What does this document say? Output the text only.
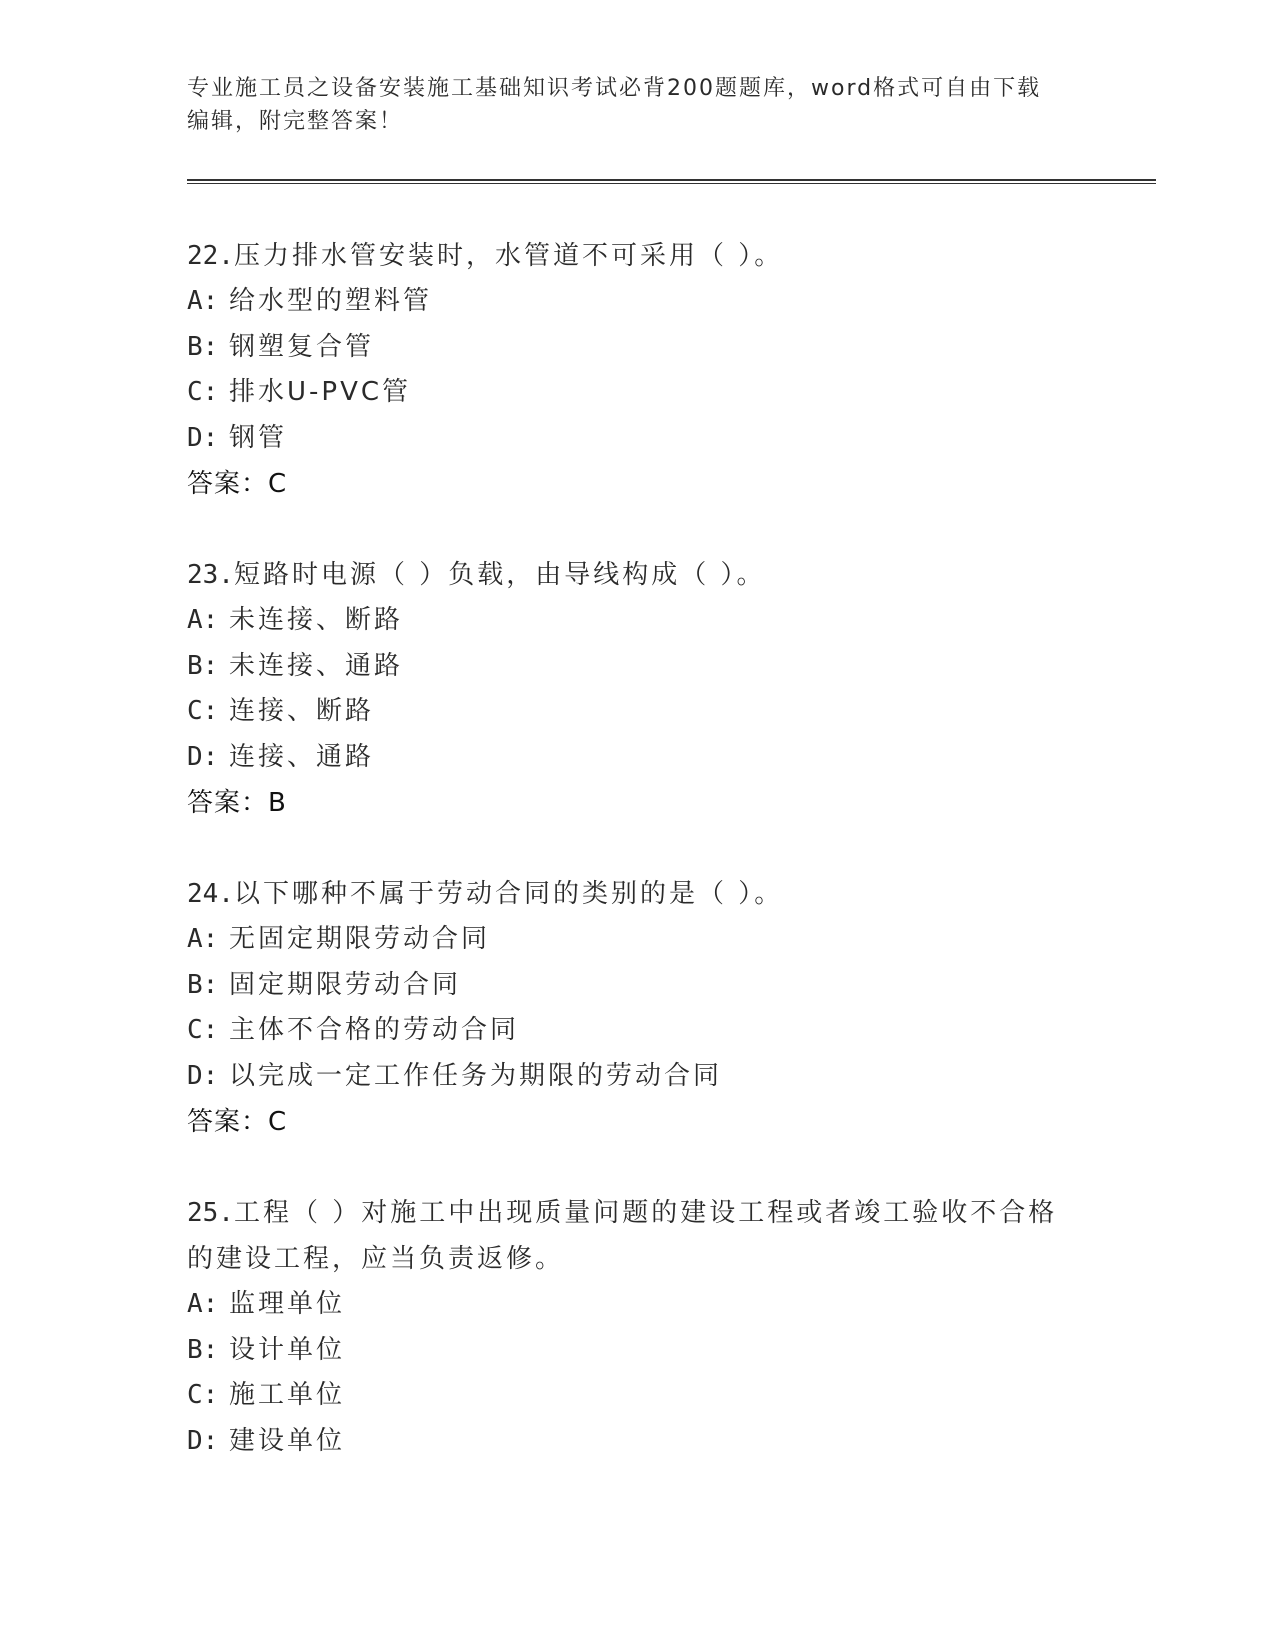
专业施工员之设备安装施工基础知识考试必背200题题库，word格式可自由下载
编辑，附完整答案！
22.压力排水管安装时，水管道不可采用（ ）。
A: 给水型的塑料管
B: 钢塑复合管
C: 排水U-PVC管
D: 钢管
答案：C
23.短路时电源（ ）负载，由导线构成（ ）。
A: 未连接、断路
B: 未连接、通路
C: 连接、断路
D: 连接、通路
答案：B
24.以下哪种不属于劳动合同的类别的是（ ）。
A: 无固定期限劳动合同
B: 固定期限劳动合同
C: 主体不合格的劳动合同
D: 以完成一定工作任务为期限的劳动合同
答案：C
25.工程（ ）对施工中出现质量问题的建设工程或者竣工验收不合格的建设工程，应当负责返修。
A: 监理单位
B: 设计单位
C: 施工单位
D: 建设单位
